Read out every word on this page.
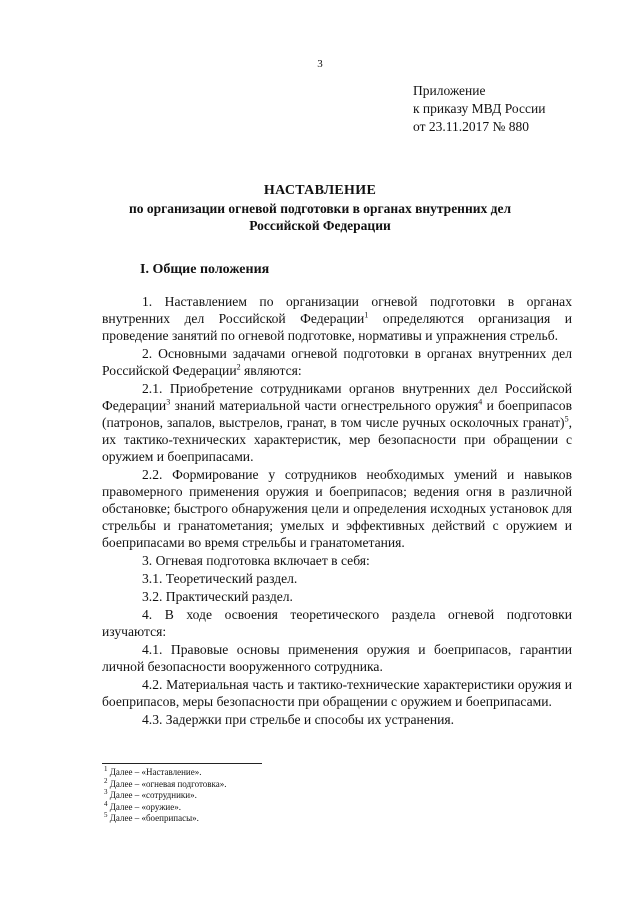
3
Приложение
к приказу МВД России
от 23.11.2017 № 880
НАСТАВЛЕНИЕ
по организации огневой подготовки в органах внутренних дел
Российской Федерации
I. Общие положения

1. Наставлением по организации огневой подготовки в органах внутренних дел Российской Федерации$^1$ определяются организация и проведение занятий по огневой подготовке, нормативы и упражнения стрельб.

2. Основными задачами огневой подготовки в органах внутренних дел Российской Федерации$^2$ являются:

2.1. Приобретение сотрудниками органов внутренних дел Российской Федерации$^3$ знаний материальной части огнестрельного оружия$^4$ и боеприпасов (патронов, запалов, выстрелов, гранат, в том числе ручных осколочных гранат)$^5$, их тактико-технических характеристик, мер безопасности при обращении с оружием и боеприпасами.

2.2. Формирование у сотрудников необходимых умений и навыков правомерного применения оружия и боеприпасов; ведения огня в различной обстановке; быстрого обнаружения цели и определения исходных установок для стрельбы и гранатометания; умелых и эффективных действий с оружием и боеприпасами во время стрельбы и гранатометания.

3. Огневая подготовка включает в себя:

3.1. Теоретический раздел.

3.2. Практический раздел.

4. В ходе освоения теоретического раздела огневой подготовки изучаются:

4.1. Правовые основы применения оружия и боеприпасов, гарантии личной безопасности вооруженного сотрудника.

4.2. Материальная часть и тактико-технические характеристики оружия и боеприпасов, меры безопасности при обращении с оружием и боеприпасами.

4.3. Задержки при стрельбе и способы их устранения.

$^1$ Далее – «Наставление».
$^2$ Далее – «огневая подготовка».
$^3$ Далее – «сотрудники».
$^4$ Далее – «оружие».
$^5$ Далее – «боеприпасы».
